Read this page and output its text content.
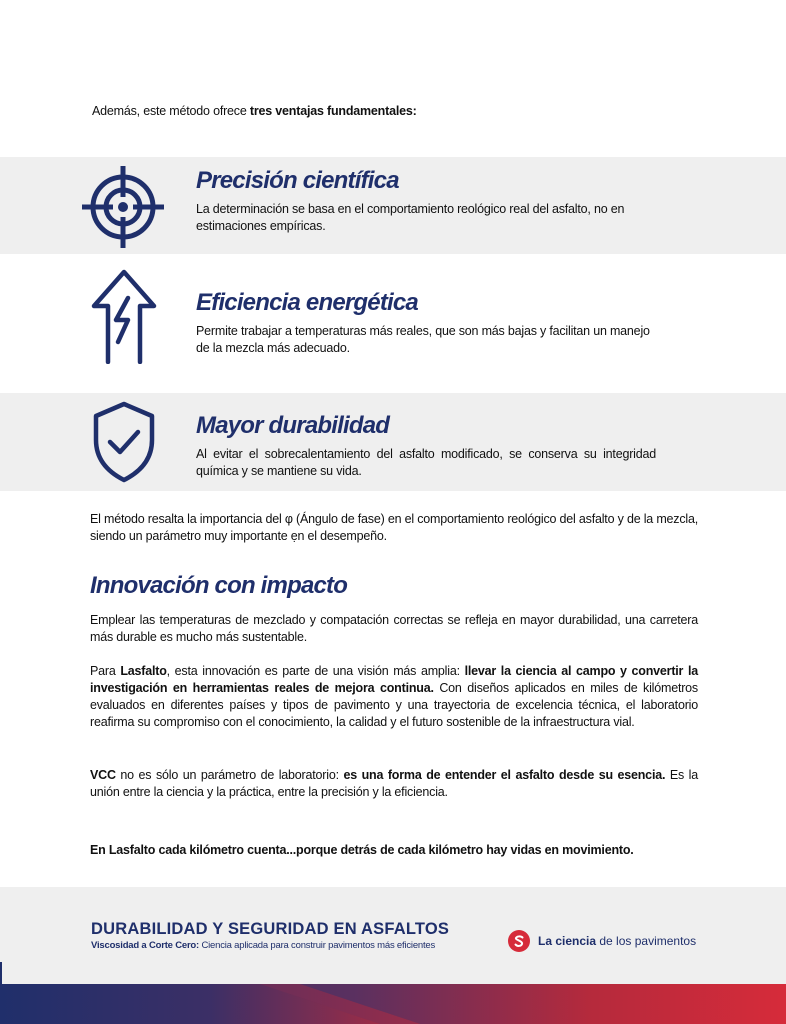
Además, este método ofrece tres ventajas fundamentales:
Precisión científica
La determinación se basa en el comportamiento reológico real del asfalto, no en estimaciones empíricas.
Eficiencia energética
Permite trabajar a temperaturas más reales, que son más bajas y facilitan un manejo de la mezcla más adecuado.
Mayor durabilidad
Al evitar el sobrecalentamiento del asfalto modificado, se conserva su integridad química y se mantiene su vida.
El método resalta la importancia del φ (Ángulo de fase) en el comportamiento reológico del asfalto y de la mezcla, siendo un parámetro muy importante ẹn el desempeño.
Innovación con impacto
Emplear las temperaturas de mezclado y compatación correctas se refleja en mayor durabilidad, una carretera más durable es mucho más sustentable.
Para Lasfalto, esta innovación es parte de una visión más amplia: llevar la ciencia al campo y convertir la investigación en herramientas reales de mejora continua. Con diseños aplicados en miles de kilómetros evaluados en diferentes países y tipos de pavimento y una trayectoria de excelencia técnica, el laboratorio reafirma su compromiso con el conocimiento, la calidad y el futuro sostenible de la infraestructura vial.
VCC no es sólo un parámetro de laboratorio: es una forma de entender el asfalto desde su esencia. Es la unión entre la ciencia y la práctica, entre la precisión y la eficiencia.
En Lasfalto cada kilómetro cuenta...porque detrás de cada kilómetro hay vidas en movimiento.
DURABILIDAD Y SEGURIDAD EN ASFALTOS
Viscosidad a Corte Cero: Ciencia aplicada para construir pavimentos más eficientes	La ciencia de los pavimentos
